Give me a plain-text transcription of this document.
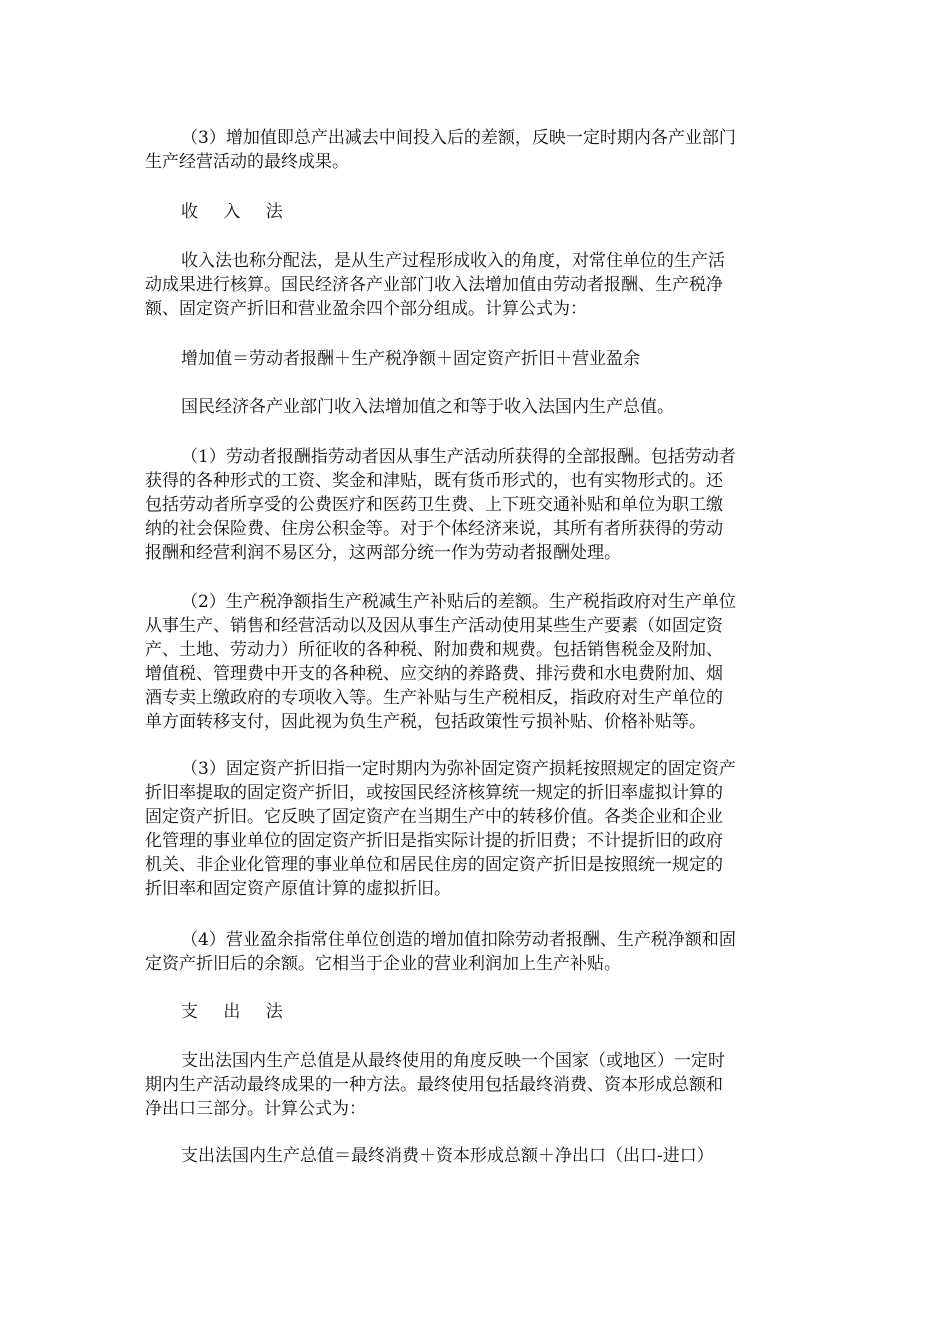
（3）增加值即总产出减去中间投入后的差额，反映一定时期内各产业部门
生产经营活动的最终成果。

收 入 法

收入法也称分配法，是从生产过程形成收入的角度，对常住单位的生产活
动成果进行核算。国民经济各产业部门收入法增加值由劳动者报酬、生产税净
额、固定资产折旧和营业盈余四个部分组成。计算公式为：

增加值＝劳动者报酬＋生产税净额＋固定资产折旧＋营业盈余

国民经济各产业部门收入法增加值之和等于收入法国内生产总值。

（1）劳动者报酬指劳动者因从事生产活动所获得的全部报酬。包括劳动者
获得的各种形式的工资、奖金和津贴，既有货币形式的，也有实物形式的。还
包括劳动者所享受的公费医疗和医药卫生费、上下班交通补贴和单位为职工缴
纳的社会保险费、住房公积金等。对于个体经济来说，其所有者所获得的劳动
报酬和经营利润不易区分，这两部分统一作为劳动者报酬处理。

（2）生产税净额指生产税减生产补贴后的差额。生产税指政府对生产单位
从事生产、销售和经营活动以及因从事生产活动使用某些生产要素（如固定资
产、土地、劳动力）所征收的各种税、附加费和规费。包括销售税金及附加、
增值税、管理费中开支的各种税、应交纳的养路费、排污费和水电费附加、烟
酒专卖上缴政府的专项收入等。生产补贴与生产税相反，指政府对生产单位的
单方面转移支付，因此视为负生产税，包括政策性亏损补贴、价格补贴等。

（3）固定资产折旧指一定时期内为弥补固定资产损耗按照规定的固定资产
折旧率提取的固定资产折旧，或按国民经济核算统一规定的折旧率虚拟计算的
固定资产折旧。它反映了固定资产在当期生产中的转移价值。各类企业和企业
化管理的事业单位的固定资产折旧是指实际计提的折旧费；不计提折旧的政府
机关、非企业化管理的事业单位和居民住房的固定资产折旧是按照统一规定的
折旧率和固定资产原值计算的虚拟折旧。

（4）营业盈余指常住单位创造的增加值扣除劳动者报酬、生产税净额和固
定资产折旧后的余额。它相当于企业的营业利润加上生产补贴。

支 出 法

支出法国内生产总值是从最终使用的角度反映一个国家（或地区）一定时
期内生产活动最终成果的一种方法。最终使用包括最终消费、资本形成总额和
净出口三部分。计算公式为：

支出法国内生产总值＝最终消费＋资本形成总额＋净出口（出口-进口）
